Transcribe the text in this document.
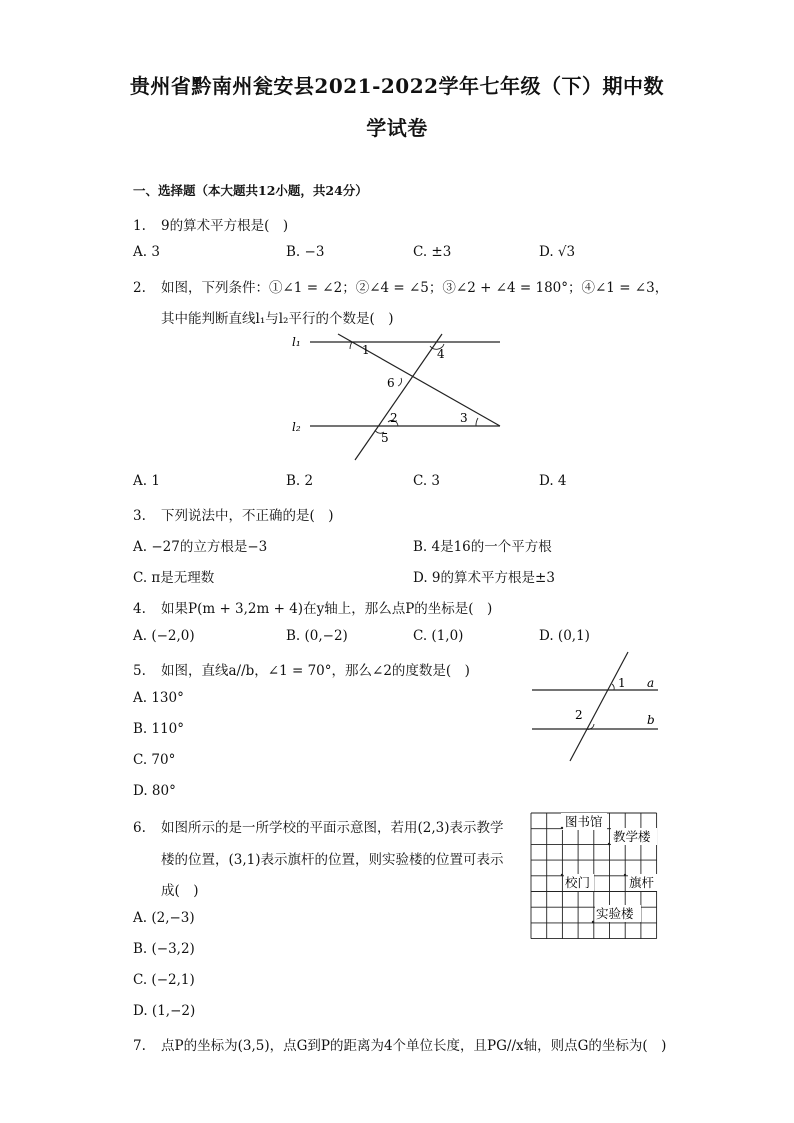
贵州省黔南州瓮安县2021-2022学年七年级（下）期中数
学试卷
一、选择题（本大题共12小题，共24分）
1. 9的算术平方根是(　)
A. 3	B. −3	C. ±3	D. √3
2. 如图，下列条件：①∠1 = ∠2；②∠4 = ∠5；③∠2 + ∠4 = 180°；④∠1 = ∠3，
其中能判断直线l₁与l₂平行的个数是(　)
l₁
l₂
1	4
6
2	3
5
A. 1	B. 2	C. 3	D. 4
3. 下列说法中，不正确的是(　)
A. −27的立方根是−3	B. 4是16的一个平方根
C. π是无理数	D. 9的算术平方根是±3
4. 如果P(m + 3,2m + 4)在y轴上，那么点P的坐标是(　)
A. (−2,0)	B. (0,−2)	C. (1,0)	D. (0,1)
5. 如图，直线a//b，∠1 = 70°，那么∠2的度数是(　)
1 a
2	b
A. 130°
B. 110°
C. 70°
D. 80°
6. 如图所示的是一所学校的平面示意图，若用(2,3)表示教学
楼的位置，(3,1)表示旗杆的位置，则实验楼的位置可表示
成(　)
图书馆
教学楼
校门	旗杆
实验楼
A. (2,−3)
B. (−3,2)
C. (−2,1)
D. (1,−2)
7. 点P的坐标为(3,5)，点G到P的距离为4个单位长度，且PG//x轴，则点G的坐标为(　)
